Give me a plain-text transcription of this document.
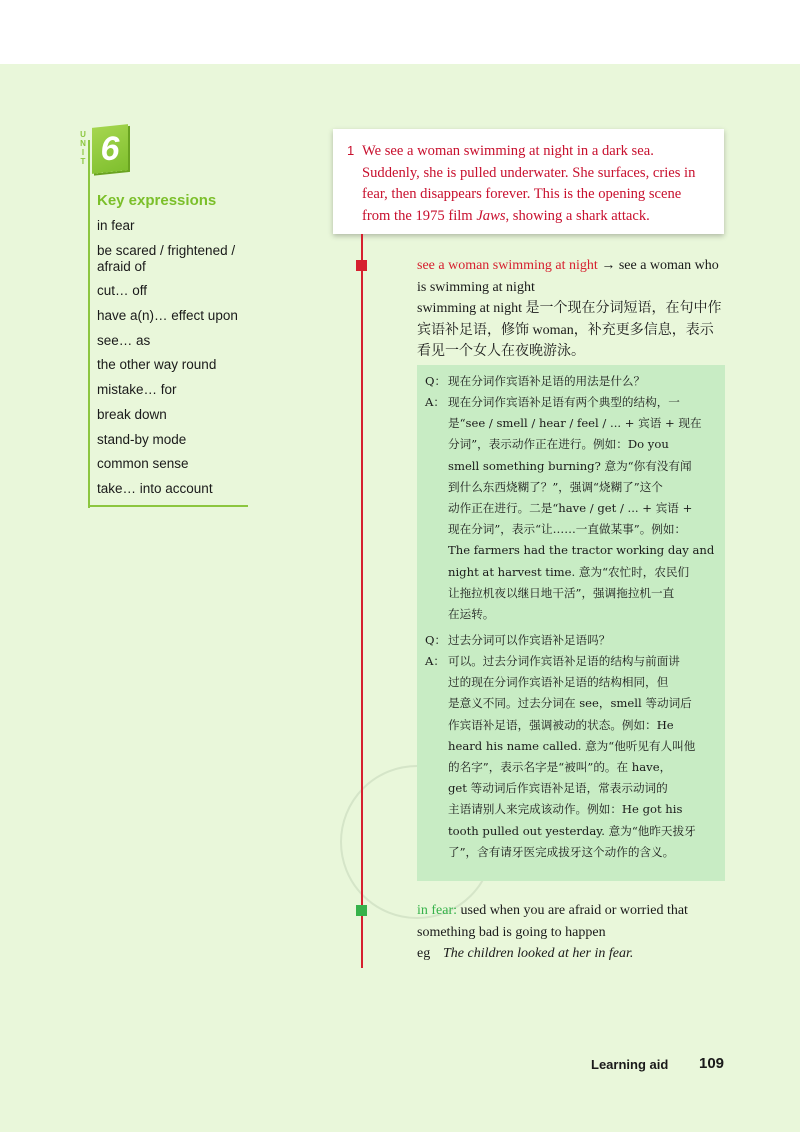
U
N
I
T 6
Key expressions
in fear
be scared / frightened / afraid of
cut… off
have a(n)… effect upon
see… as
the other way round
mistake… for
break down
stand-by mode
common sense
take… into account
1 We see a woman swimming at night in a dark sea. Suddenly, she is pulled underwater. She surfaces, cries in fear, then disappears forever. This is the opening scene from the 1975 film Jaws, showing a shark attack.
see a woman swimming at night → see a woman who is swimming at night
swimming at night 是一个现在分词短语，在句中作宾语补足语，修饰 woman，补充更多信息，表示看见一个女人在夜晚游泳。
Q： 现在分词作宾语补足语的用法是什么？
A： 现在分词作宾语补足语有两个典型的结构，一
是“see / smell / hear / feel / ... + 宾语 + 现在
分词”，表示动作正在进行。例如：Do you
smell something burning? 意为“你有没有闻
到什么东西烧糊了？”，强调“烧糊了”这个
动作正在进行。二是“have / get / ... + 宾语 +
现在分词”，表示“让……一直做某事”。例如：
The farmers had the tractor working day and
night at harvest time. 意为“农忙时，农民们
让拖拉机夜以继日地干活”，强调拖拉机一直
在运转。
Q： 过去分词可以作宾语补足语吗？
A： 可以。过去分词作宾语补足语的结构与前面讲
过的现在分词作宾语补足语的结构相同，但
是意义不同。过去分词在 see，smell 等动词后
作宾语补足语，强调被动的状态。例如：He
heard his name called. 意为“他听见有人叫他
的名字”，表示名字是“被叫”的。在 have，
get 等动词后作宾语补足语，常表示动词的
主语请别人来完成该动作。例如：He got his
tooth pulled out yesterday. 意为“他昨天拔牙
了”，含有请牙医完成拔牙这个动作的含义。
in fear: used when you are afraid or worried that something bad is going to happen
eg The children looked at her in fear.
Learning aid 109
